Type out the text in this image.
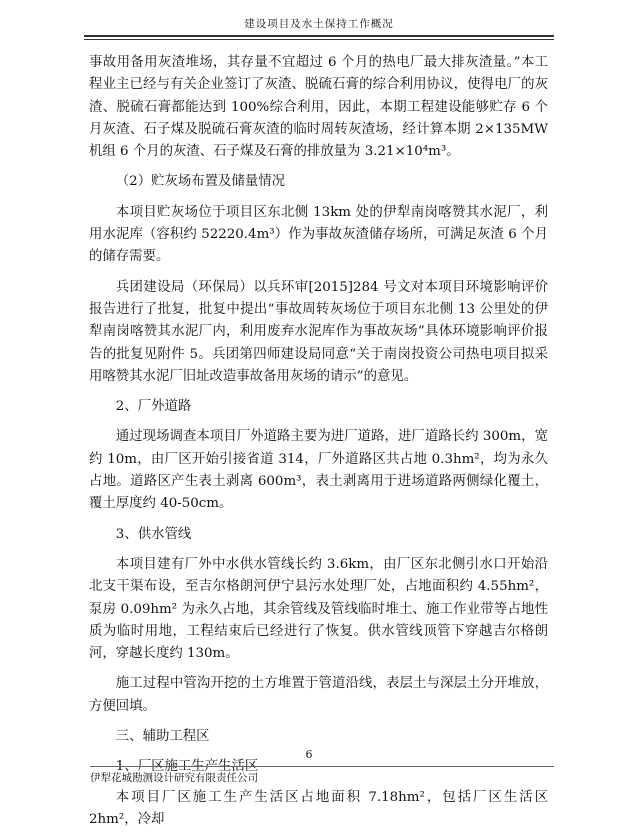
建设项目及水土保持工作概况

事故用备用灰渣堆场，其存量不宜超过 6 个月的热电厂最大排灰渣量。”本工程业主已经与有关企业签订了灰渣、脱硫石膏的综合利用协议，使得电厂的灰渣、脱硫石膏都能达到 100%综合利用，因此，本期工程建设能够贮存 6 个月灰渣、石子煤及脱硫石膏灰渣的临时周转灰渣场，经计算本期 2×135MW 机组 6 个月的灰渣、石子煤及石膏的排放量为 3.21×10⁴m³。

（2）贮灰场布置及储量情况

本项目贮灰场位于项目区东北侧 13km 处的伊犁南岗喀赞其水泥厂，利用水泥库（容积约 52220.4m³）作为事故灰渣储存场所，可满足灰渣 6 个月的储存需要。

兵团建设局（环保局）以兵环审[2015]284 号文对本项目环境影响评价报告进行了批复，批复中提出“事故周转灰场位于项目东北侧 13 公里处的伊犁南岗喀赞其水泥厂内，利用废弃水泥库作为事故灰场”具体环境影响评价报告的批复见附件 5。兵团第四师建设局同意“关于南岗投资公司热电项目拟采用喀赞其水泥厂旧址改造事故备用灰场的请示”的意见。

2、厂外道路

通过现场调查本项目厂外道路主要为进厂道路，进厂道路长约 300m，宽约 10m，由厂区开始引接省道 314，厂外道路区共占地 0.3hm²，均为永久占地。道路区产生表土剥离 600m³，表土剥离用于进场道路两侧绿化覆土，覆土厚度约 40-50cm。

3、供水管线

本项目建有厂外中水供水管线长约 3.6km，由厂区东北侧引水口开始沿北支干渠布设，至吉尔格朗河伊宁县污水处理厂处，占地面积约 4.55hm²，泵房 0.09hm² 为永久占地，其余管线及管线临时堆土、施工作业带等占地性质为临时用地，工程结束后已经进行了恢复。供水管线顶管下穿越吉尔格朗河，穿越长度约 130m。

施工过程中管沟开挖的土方堆置于管道沿线，表层土与深层土分开堆放，方便回填。

三、辅助工程区

1、厂区施工生产生活区

本项目厂区施工生产生活区占地面积 7.18hm²，包括厂区生活区 2hm²，冷却

6
伊犁花城勘测设计研究有限责任公司
